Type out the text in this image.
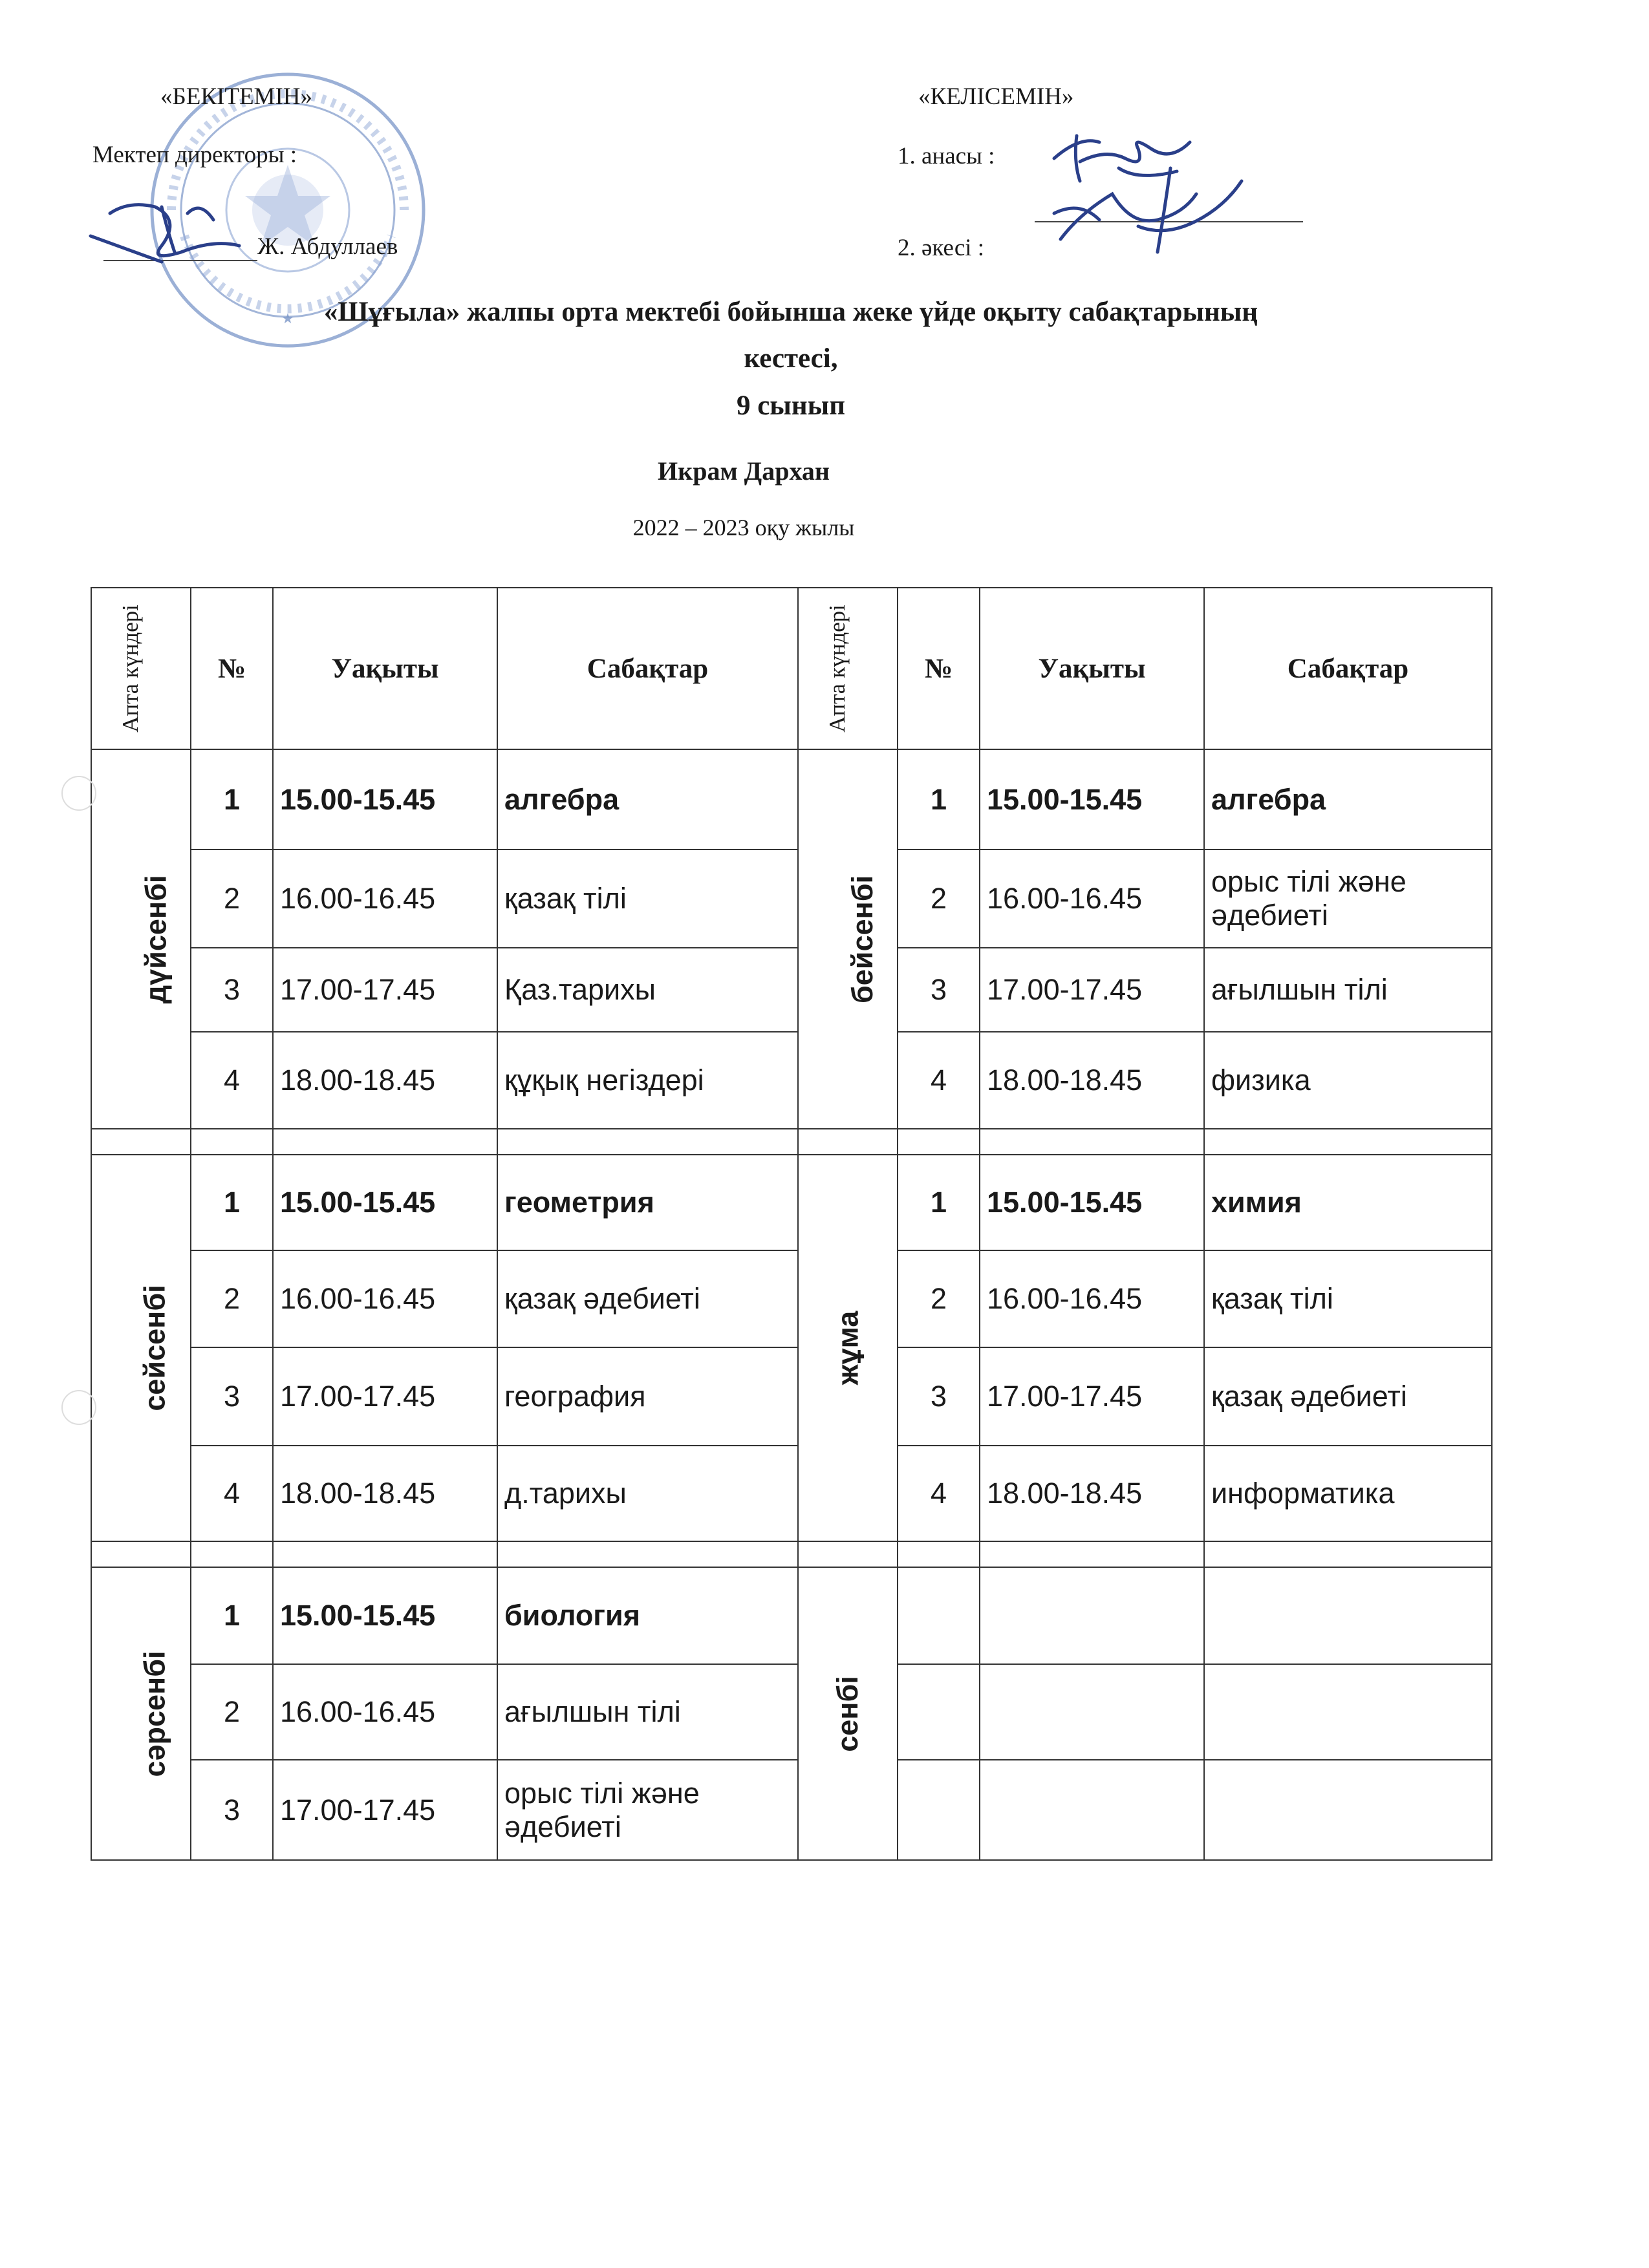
★
«БЕКІТЕМІН»
Мектеп директоры :
Ж. Абдуллаев
«КЕЛІСЕМІН»
1. анасы :
2. әкесі :
«Шұғыла» жалпы орта мектебі бойынша жеке үйде оқыту сабақтарының
кестесі,
9 сынып
Икрам Дархан
2022 – 2023 оқу жылы
Апта күндері	№	Уақыты	Сабақтар	Апта күндері	№	Уақыты	Сабақтар
дүйсенбі	1	15.00-15.45	алгебра	бейсенбі	1	15.00-15.45	алгебра
	2	16.00-16.45	қазақ тілі		2	16.00-16.45	орыс тілі және әдебиеті
	3	17.00-17.45	Қаз.тарихы		3	17.00-17.45	ағылшын тілі
	4	18.00-18.45	құқық негіздері		4	18.00-18.45	физика

сейсенбі	1	15.00-15.45	геометрия	жұма	1	15.00-15.45	химия
	2	16.00-16.45	қазақ әдебиеті		2	16.00-16.45	қазақ тілі
	3	17.00-17.45	география		3	17.00-17.45	қазақ әдебиеті
	4	18.00-18.45	д.тарихы		4	18.00-18.45	информатика

сәрсенбі	1	15.00-15.45	биология	сенбі			
	2	16.00-16.45	ағылшын тілі				
	3	17.00-17.45	орыс тілі және әдебиеті				
